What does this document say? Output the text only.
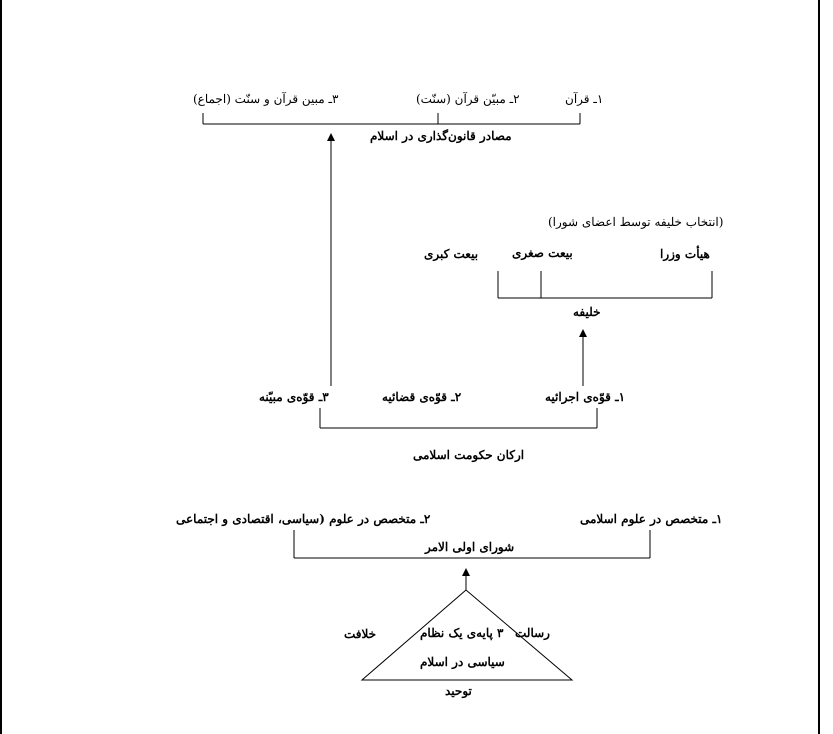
۱ـ قرآن
۲ـ مبیّن قرآن (سنّت)
۳ـ مبین قرآن و سنّت (اجماع)
مصادر قانون‌گذاری در اسلام
(انتخاب خلیفه توسط اعضای شورا)
هیأت وزرا
بیعت صغری
بیعت کبری
خلیفه
۱ـ قوّه‌ی اجرائیه
۲ـ قوّه‌ی قضائیه
۳ـ قوّه‌ی مبیّنه
ارکان حکومت اسلامی
۱ـ متخصص در علوم اسلامی
۲ـ متخصص در علوم (سیاسی، اقتصادی و اجتماعی
شورای اولی الامر
خلافت	رسالت
۳ پایه‌ی یک نظام
سیاسی در اسلام
توحید
